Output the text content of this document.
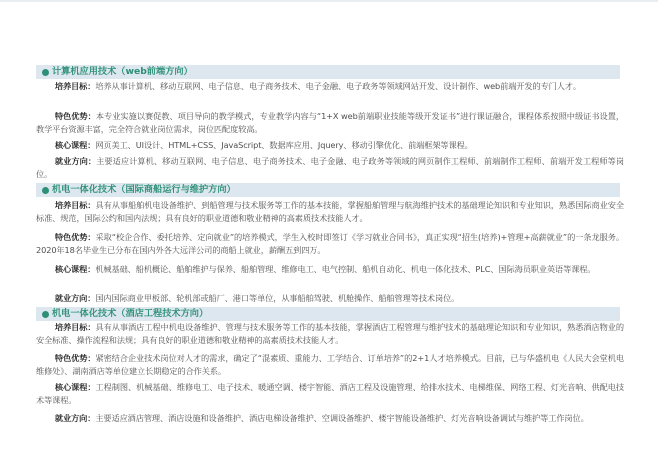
计算机应用技术（web前端方向）
培养目标：培养从事计算机、移动互联网、电子信息、电子商务技术、电子金融、电子政务等领域网站开发、设计制作、web前端开发的专门人才。
特色优势：本专业实施以赛促教、项目导向的教学模式，专业教学内容与“1+X web前端职业技能等级开发证书”进行课证融合，课程体系按照中级证书设置，教学平台资源丰富，完全符合就业岗位需求，岗位匹配度较高。
核心课程：网页美工、UI设计、HTML+CSS、JavaScript、数据库应用、Jquery、移动引擎优化、前端框架等课程。
就业方向：主要适应计算机、移动互联网、电子信息、电子商务技术、电子金融、电子政务等领域的网页制作工程师、前端制作工程师、前端开发工程师等岗位。
机电一体化技术（国际商船运行与维护方向）
培养目标：具有从事船舶机电设备维护、到船管理与技术服务等工作的基本技能，掌握船舶管理与航海维护技术的基础理论知识和专业知识，熟悉国际商业安全标准、规范，国际公约和国内法规；具有良好的职业道德和敬业精神的高素质技术技能人才。
特色优势：采取“校企合作、委托培养、定向就业”的培养模式，学生入校时即签订《学习就业合同书》，真正实现“招生(培养)+管理+高薪就业”的一条龙服务。2020年18名毕业生已分布在国内外各大远洋公司的商船上就业，薪酬五到四万。
核心课程：机械基础、船机概论、船舶维护与保养、船舶管理、维修电工、电气控制、船机自动化、机电一体化技术、PLC、国际海员职业英语等课程。
就业方向：国内国际商业甲板部、轮机部或船厂、港口等单位，从事船舶驾驶、机舱操作、船舶管理等技术岗位。
机电一体化技术（酒店工程技术方向）
培养目标：具有从事酒店工程中机电设备维护、管理与技术服务等工作的基本技能，掌握酒店工程管理与维护技术的基础理论知识和专业知识，熟悉酒店物业的安全标准、操作流程和法规；具有良好的职业道德和敬业精神的高素质技术技能人才。
特色优势：紧密结合企业技术岗位对人才的需求，确定了“混素质、重能力、工学结合、订单培养”的2+1人才培养模式。目前，已与华盛机电《人民大会堂机电维修处》、湖南酒店等单位建立长期稳定的合作关系。
核心课程：工程制图、机械基础、维修电工、电子技术、暖通空调、楼宇智能、酒店工程及设施管理、给排水技术、电梯维保、网络工程、灯光音响、供配电技术等课程。
就业方向：主要适应酒店管理、酒店设施和设备维护、酒店电梯设备维护、空调设备维护、楼宇智能设备维护、灯光音响设备调试与维护等工作岗位。
